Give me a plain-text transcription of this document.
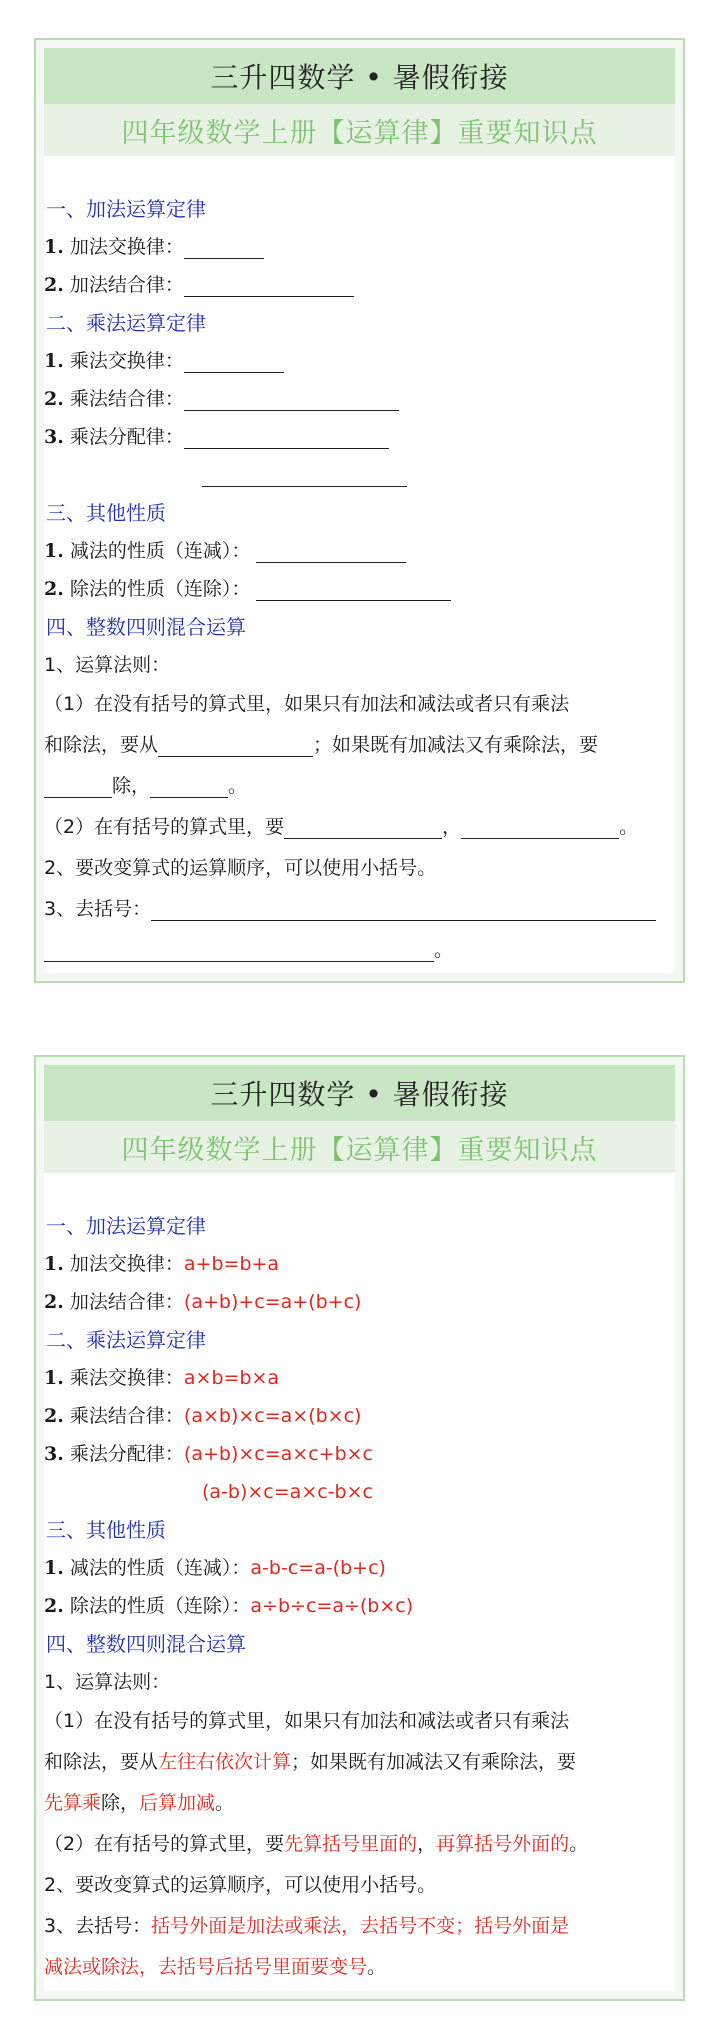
三升四数学 • 暑假衔接
四年级数学上册【运算律】重要知识点
一、加法运算定律
1. 加法交换律：
2. 加法结合律：
二、乘法运算定律
1. 乘法交换律：
2. 乘法结合律：
3. 乘法分配律：
三、其他性质
1. 减法的性质（连减）：
2. 除法的性质（连除）：
四、整数四则混合运算
1、运算法则：
（1）在没有括号的算式里，如果只有加法和减法或者只有乘法
和除法，要从	；如果既有加减法又有乘除法，要
除，	。
（2）在有括号的算式里，要	，	。
2、要改变算式的运算顺序，可以使用小括号。
3、去括号：
。
三升四数学 • 暑假衔接
四年级数学上册【运算律】重要知识点
一、加法运算定律
1. 加法交换律：a+b=b+a
2. 加法结合律：(a+b)+c=a+(b+c)
二、乘法运算定律
1. 乘法交换律：a×b=b×a
2. 乘法结合律：(a×b)×c=a×(b×c)
3. 乘法分配律：(a+b)×c=a×c+b×c
(a-b)×c=a×c-b×c
三、其他性质
1. 减法的性质（连减）：a-b-c=a-(b+c)
2. 除法的性质（连除）：a÷b÷c=a÷(b×c)
四、整数四则混合运算
1、运算法则：
（1）在没有括号的算式里，如果只有加法和减法或者只有乘法
和除法，要从左往右依次计算；如果既有加减法又有乘除法，要
先算乘除，后算加减。
（2）在有括号的算式里，要先算括号里面的，再算括号外面的。
2、要改变算式的运算顺序，可以使用小括号。
3、去括号：括号外面是加法或乘法，去括号不变；括号外面是
减法或除法，去括号后括号里面要变号。
